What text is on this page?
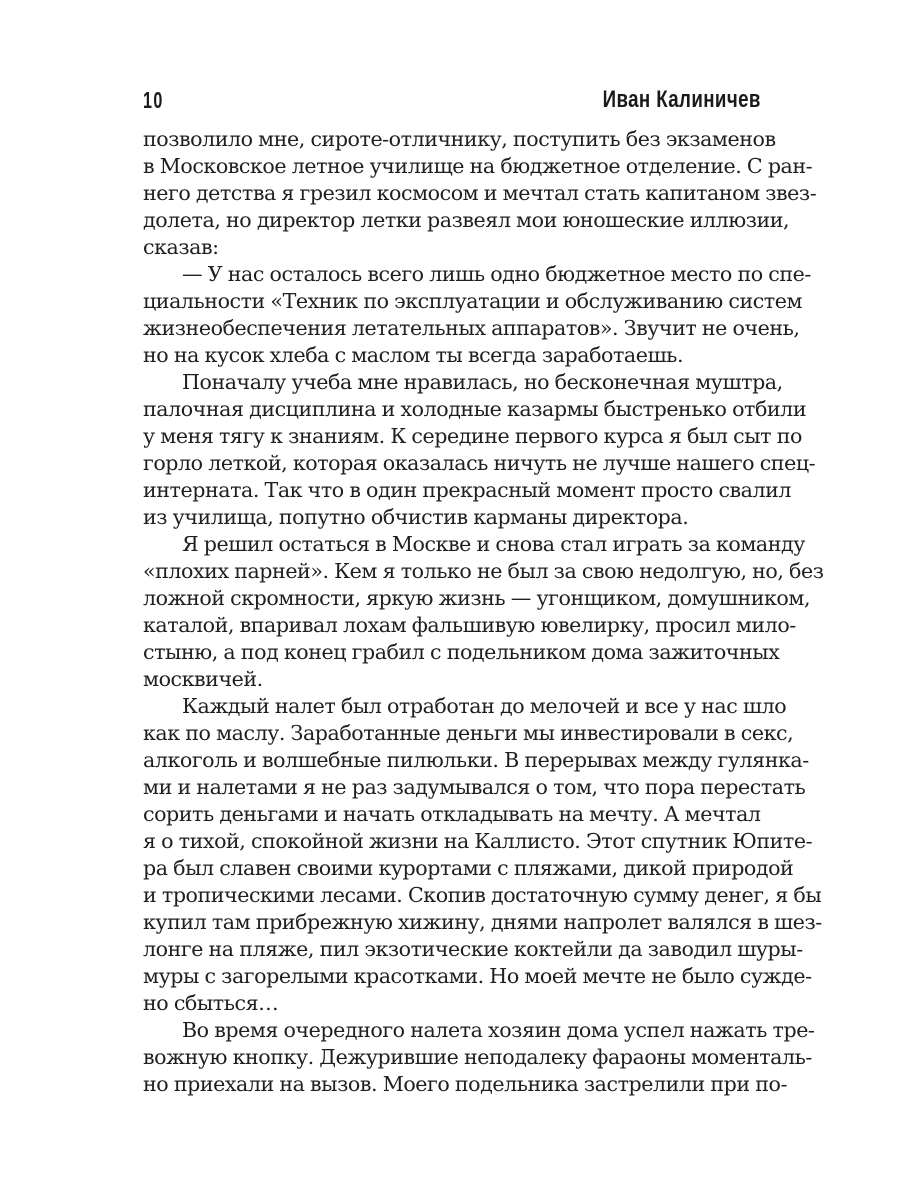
10	Иван Калиничев

позволило мне, сироте-отличнику, поступить без экзаменов
в Московское летное училище на бюджетное отделение. С ран-
него детства я грезил космосом и мечтал стать капитаном звез-
долета, но директор летки развеял мои юношеские иллюзии,
сказав:

— У нас осталось всего лишь одно бюджетное место по спе-
циальности «Техник по эксплуатации и обслуживанию систем
жизнеобеспечения летательных аппаратов». Звучит не очень,
но на кусок хлеба с маслом ты всегда заработаешь.

Поначалу учеба мне нравилась, но бесконечная муштра,
палочная дисциплина и холодные казармы быстренько отбили
у меня тягу к знаниям. К середине первого курса я был сыт по
горло леткой, которая оказалась ничуть не лучше нашего спец-
интерната. Так что в один прекрасный момент просто свалил
из училища, попутно обчистив карманы директора.

Я решил остаться в Москве и снова стал играть за команду
«плохих парней». Кем я только не был за свою недолгую, но, без
ложной скромности, яркую жизнь — угонщиком, домушником,
каталой, впаривал лохам фальшивую ювелирку, просил мило-
стыню, а под конец грабил с подельником дома зажиточных
москвичей.

Каждый налет был отработан до мелочей и все у нас шло
как по маслу. Заработанные деньги мы инвестировали в секс,
алкоголь и волшебные пилюльки. В перерывах между гулянка-
ми и налетами я не раз задумывался о том, что пора перестать
сорить деньгами и начать откладывать на мечту. А мечтал
я о тихой, спокойной жизни на Каллисто. Этот спутник Юпите-
ра был славен своими курортами с пляжами, дикой природой
и тропическими лесами. Скопив достаточную сумму денег, я бы
купил там прибрежную хижину, днями напролет валялся в шез-
лонге на пляже, пил экзотические коктейли да заводил шуры-
муры с загорелыми красотками. Но моей мечте не было сужде-
но сбыться…

Во время очередного налета хозяин дома успел нажать тре-
вожную кнопку. Дежурившие неподалеку фараоны моменталь-
но приехали на вызов. Моего подельника застрелили при по-
